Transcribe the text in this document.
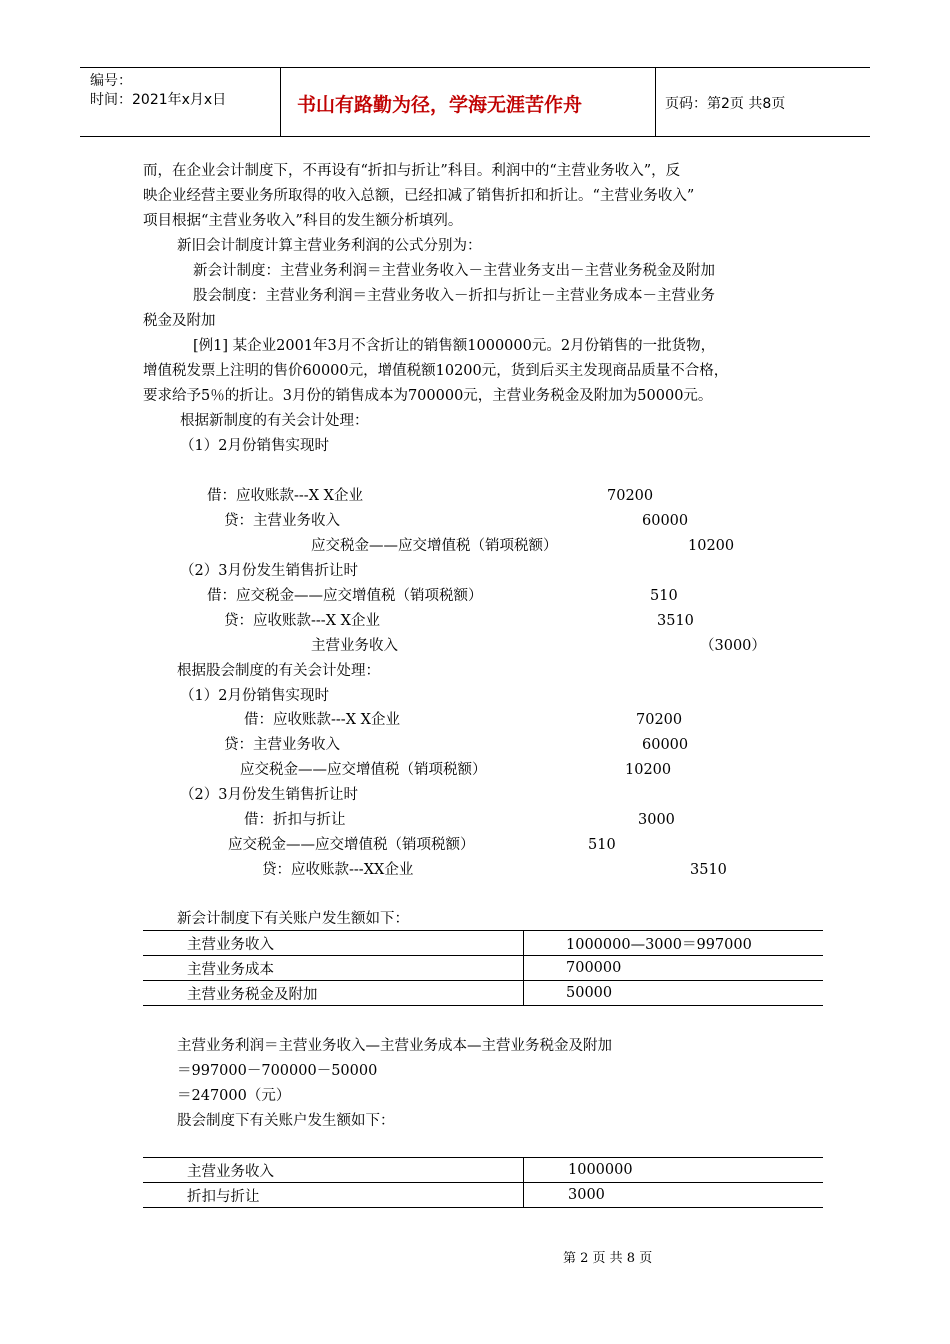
编号：
时间：2021年x月x日	书山有路勤为径，学海无涯苦作舟	页码：第2页 共8页
而，在企业会计制度下，不再设有“折扣与折让”科目。利润中的“主营业务收入”，反
映企业经营主要业务所取得的收入总额，已经扣减了销售折扣和折让。“主营业务收入”
项目根据“主营业务收入”科目的发生额分析填列。
新旧会计制度计算主营业务利润的公式分别为：
新会计制度：主营业务利润＝主营业务收入－主营业务支出－主营业务税金及附加
股会制度：主营业务利润＝主营业务收入－折扣与折让－主营业务成本－主营业务
税金及附加
[例1] 某企业2001年3月不含折让的销售额1000000元。2月份销售的一批货物，
增值税发票上注明的售价60000元，增值税额10200元，货到后买主发现商品质量不合格，
要求给予5％的折让。3月份的销售成本为700000元，主营业务税金及附加为50000元。
根据新制度的有关会计处理：
（1）2月份销售实现时
借：应收账款---X X企业	70200
贷：主营业务收入	60000
应交税金——应交增值税（销项税额）	10200
（2）3月份发生销售折让时
借：应交税金——应交增值税（销项税额）	510
贷：应收账款---X X企业	3510
主营业务收入	（3000）
根据股会制度的有关会计处理：
（1）2月份销售实现时
借：应收账款---X X企业	70200
贷：主营业务收入	60000
应交税金——应交增值税（销项税额）	10200
（2）3月份发生销售折让时
借：折扣与折让	3000
应交税金——应交增值税（销项税额）	510
贷：应收账款---XX企业	3510
新会计制度下有关账户发生额如下：
主营业务收入	1000000—3000＝997000
主营业务成本	700000
主营业务税金及附加	50000
主营业务利润＝主营业务收入—主营业务成本—主营业务税金及附加
＝997000－700000－50000
＝247000（元）
股会制度下有关账户发生额如下：
主营业务收入	1000000
折扣与折让	3000
第 2 页 共 8 页
